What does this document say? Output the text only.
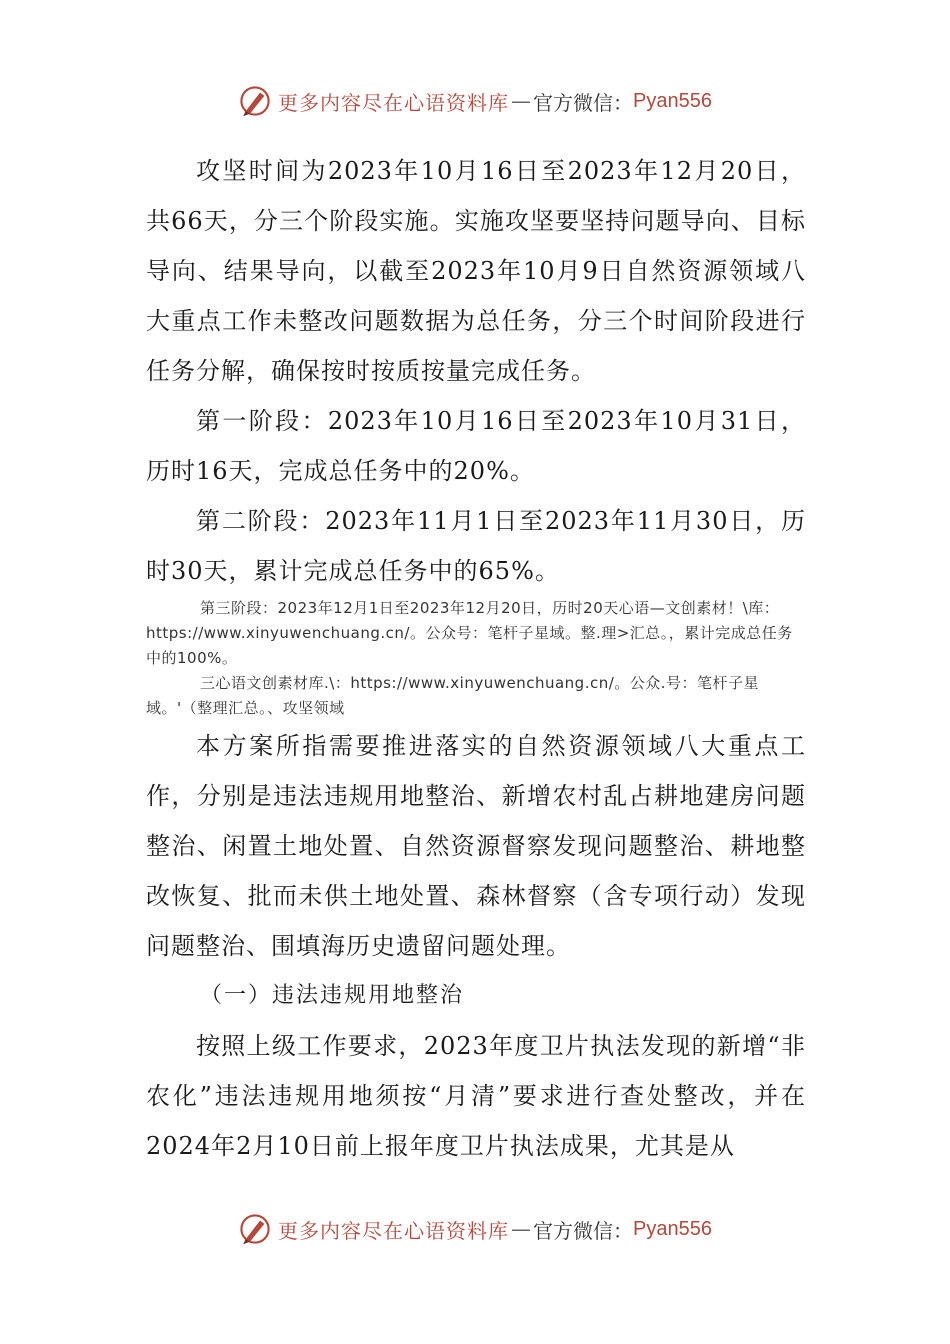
更多内容尽在心语资料库 — 官方微信： Pyan556

攻坚时间为2023年10月16日至2023年12月20日，共66天，分三个阶段实施。实施攻坚要坚持问题导向、目标导向、结果导向，以截至2023年10月9日自然资源领域八大重点工作未整改问题数据为总任务，分三个时间阶段进行任务分解，确保按时按质按量完成任务。

第一阶段：2023年10月16日至2023年10月31日，历时16天，完成总任务中的20%。

第二阶段：2023年11月1日至2023年11月30日，历时30天，累计完成总任务中的65%。

第三阶段：2023年12月1日至2023年12月20日，历时20天心语—文创素材！\库：https://www.xinyuwenchuang.cn/。公众号：笔杆子星域。整.理>汇总。，累计完成总任务中的100%。

三心语文创素材库.\：https://www.xinyuwenchuang.cn/。公众.号：笔杆子星域。'（整理汇总。、攻坚领域

本方案所指需要推进落实的自然资源领域八大重点工作，分别是违法违规用地整治、新增农村乱占耕地建房问题整治、闲置土地处置、自然资源督察发现问题整治、耕地整改恢复、批而未供土地处置、森林督察（含专项行动）发现问题整治、围填海历史遗留问题处理。

（一）违法违规用地整治

按照上级工作要求，2023年度卫片执法发现的新增“非农化”违法违规用地须按“月清”要求进行查处整改，并在2024年2月10日前上报年度卫片执法成果，尤其是从

更多内容尽在心语资料库 — 官方微信： Pyan556
